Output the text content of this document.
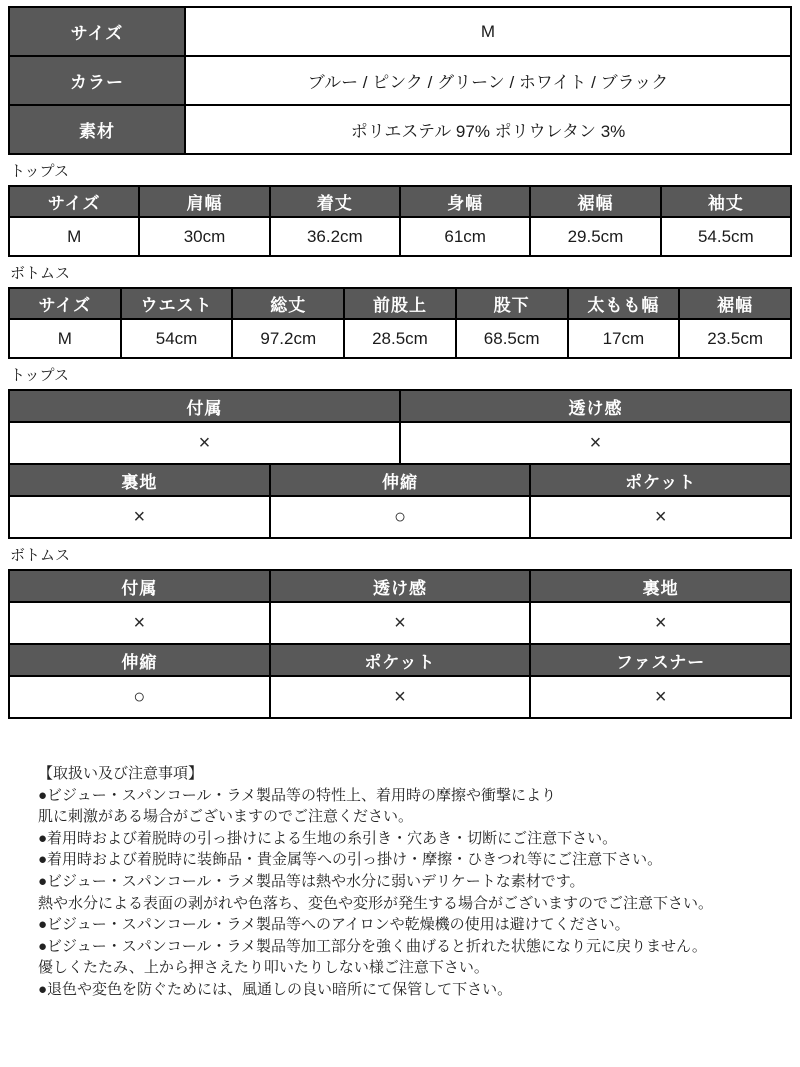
サイズ	M
カラー	ブルー / ピンク / グリーン / ホワイト / ブラック
素材	ポリエステル 97% ポリウレタン 3%
トップス
サイズ	肩幅	着丈	身幅	裾幅	袖丈
M	30cm	36.2cm	61cm	29.5cm	54.5cm
ボトムス
サイズ	ウエスト	総丈	前股上	股下	太もも幅	裾幅
M	54cm	97.2cm	28.5cm	68.5cm	17cm	23.5cm
トップス
付属		透け感	
×		×	
裏地	伸縮		ポケット
×	○		×
ボトムス
付属	透け感	裏地
×	×	×
伸縮	ポケット	ファスナー
○	×	×
【取扱い及び注意事項】
●ビジュー・スパンコール・ラメ製品等の特性上、着用時の摩擦や衝撃により
肌に刺激がある場合がございますのでご注意ください。
●着用時および着脱時の引っ掛けによる生地の糸引き・穴あき・切断にご注意下さい。
●着用時および着脱時に装飾品・貴金属等への引っ掛け・摩擦・ひきつれ等にご注意下さい。
●ビジュー・スパンコール・ラメ製品等は熱や水分に弱いデリケートな素材です。
熱や水分による表面の剥がれや色落ち、変色や変形が発生する場合がございますのでご注意下さい。
●ビジュー・スパンコール・ラメ製品等へのアイロンや乾燥機の使用は避けてください。
●ビジュー・スパンコール・ラメ製品等加工部分を強く曲げると折れた状態になり元に戻りません。
優しくたたみ、上から押さえたり叩いたりしない様ご注意下さい。
●退色や変色を防ぐためには、風通しの良い暗所にて保管して下さい。
